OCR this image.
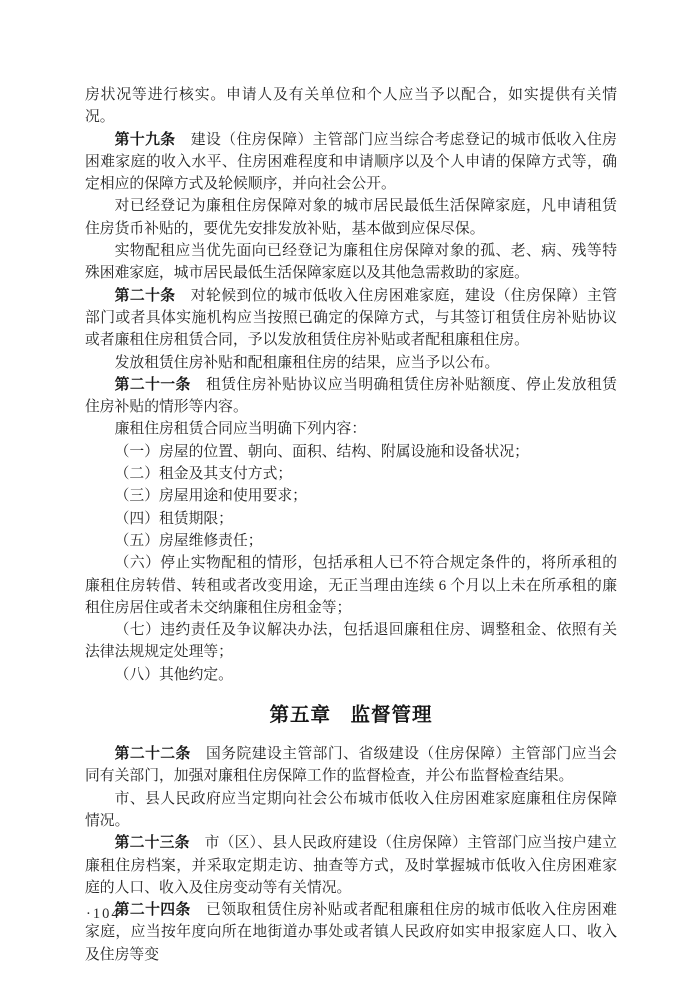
房状况等进行核实。申请人及有关单位和个人应当予以配合，如实提供有关情况。

第十九条  建设（住房保障）主管部门应当综合考虑登记的城市低收入住房困难家庭的收入水平、住房困难程度和申请顺序以及个人申请的保障方式等，确定相应的保障方式及轮候顺序，并向社会公开。

对已经登记为廉租住房保障对象的城市居民最低生活保障家庭，凡申请租赁住房货币补贴的，要优先安排发放补贴，基本做到应保尽保。

实物配租应当优先面向已经登记为廉租住房保障对象的孤、老、病、残等特殊困难家庭，城市居民最低生活保障家庭以及其他急需救助的家庭。

第二十条  对轮候到位的城市低收入住房困难家庭，建设（住房保障）主管部门或者具体实施机构应当按照已确定的保障方式，与其签订租赁住房补贴协议或者廉租住房租赁合同，予以发放租赁住房补贴或者配租廉租住房。

发放租赁住房补贴和配租廉租住房的结果，应当予以公布。

第二十一条  租赁住房补贴协议应当明确租赁住房补贴额度、停止发放租赁住房补贴的情形等内容。

廉租住房租赁合同应当明确下列内容：

（一）房屋的位置、朝向、面积、结构、附属设施和设备状况；

（二）租金及其支付方式；

（三）房屋用途和使用要求；

（四）租赁期限；

（五）房屋维修责任；

（六）停止实物配租的情形，包括承租人已不符合规定条件的，将所承租的廉租住房转借、转租或者改变用途，无正当理由连续 6 个月以上未在所承租的廉租住房居住或者未交纳廉租住房租金等；

（七）违约责任及争议解决办法，包括退回廉租住房、调整租金、依照有关法律法规规定处理等；

（八）其他约定。

第五章 监督管理

第二十二条  国务院建设主管部门、省级建设（住房保障）主管部门应当会同有关部门，加强对廉租住房保障工作的监督检查，并公布监督检查结果。

市、县人民政府应当定期向社会公布城市低收入住房困难家庭廉租住房保障情况。

第二十三条  市（区）、县人民政府建设（住房保障）主管部门应当按户建立廉租住房档案，并采取定期走访、抽查等方式，及时掌握城市低收入住房困难家庭的人口、收入及住房变动等有关情况。

第二十四条  已领取租赁住房补贴或者配租廉租住房的城市低收入住房困难家庭，应当按年度向所在地街道办事处或者镇人民政府如实申报家庭人口、收入及住房等变

·104·
